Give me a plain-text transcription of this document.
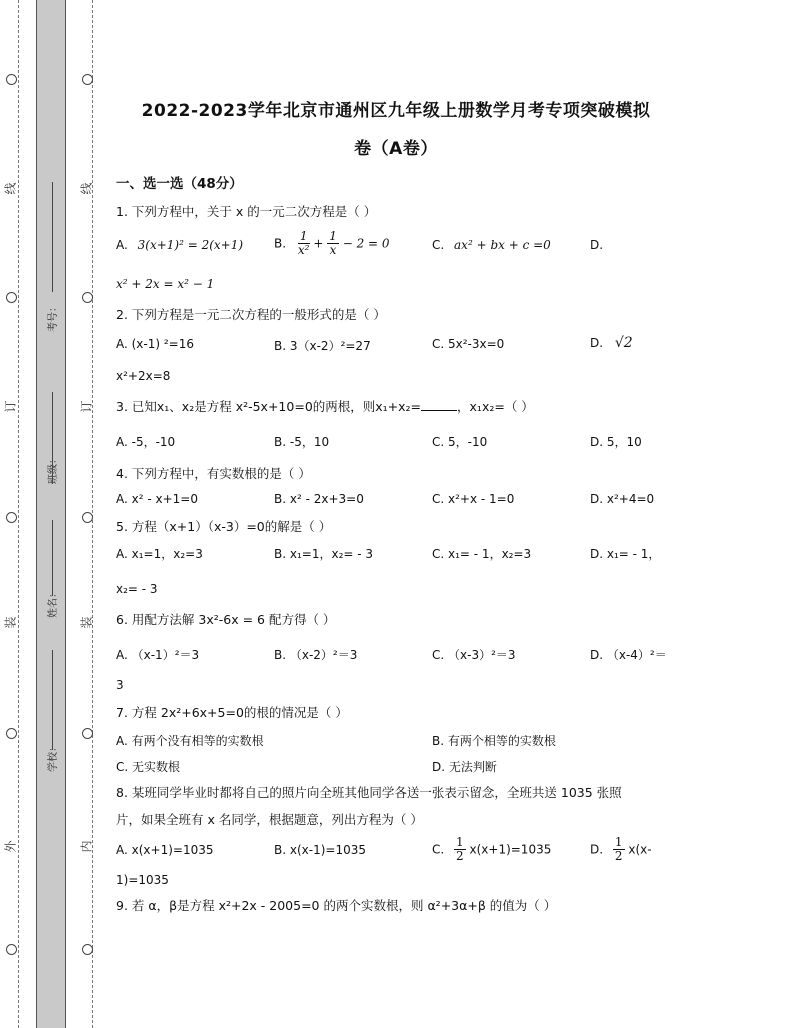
线
订
装
外
线
订
装
内
考号：
班级：
姓名：
学校：
2022-2023学年北京市通州区九年级上册数学月考专项突破模拟
卷（A卷）
一、选一选（48分）
1. 下列方程中，关于 x 的一元二次方程是（ ）
A. 3(x+1)² = 2(x+1)	B. $\frac{1}{\text{x²}} + \frac{1}{x} - 2 = 0$	C. ax² + bx + c =0	D.
x² + 2x = x² − 1
2. 下列方程是一元二次方程的一般形式的是（ ）
A. (x-1) ²=16	B. 3（x-2）²=27	C. 5x²-3x=0	D. √2
x²+2x=8
3. 已知x₁、x₂是方程 x²-5x+10=0的两根，则x₁+x₂=	，x₁x₂=（ ）
A. -5，-10	B. -5，10	C. 5，-10	D. 5，10
4. 下列方程中，有实数根的是（ ）
A. x² - x+1=0	B. x² - 2x+3=0	C. x²+x - 1=0	D. x²+4=0
5. 方程（x+1）（x-3）=0的解是（ ）
A. x₁=1，x₂=3	B. x₁=1，x₂= - 3	C. x₁= - 1，x₂=3	D. x₁= - 1，
x₂= - 3
6. 用配方法解 3x²-6x = 6 配方得（ ）
A. （x-1）²＝3	B. （x-2）²＝3	C. （x-3）²＝3	D. （x-4）²＝
3
7. 方程 2x²+6x+5=0的根的情况是（ ）
A. 有两个没有相等的实数根	B. 有两个相等的实数根
C. 无实数根	D. 无法判断
8. 某班同学毕业时都将自己的照片向全班其他同学各送一张表示留念，全班共送 1035 张照
片，如果全班有 x 名同学，根据题意，列出方程为（ ）
A. x(x+1)=1035	B. x(x-1)=1035	C. $\frac{1}{2} x(x+1)=1035$	D. $\frac{1}{2} x(x-$
1)=1035
9. 若 α，β是方程 x²+2x - 2005=0 的两个实数根，则 α²+3α+β 的值为（ ）
